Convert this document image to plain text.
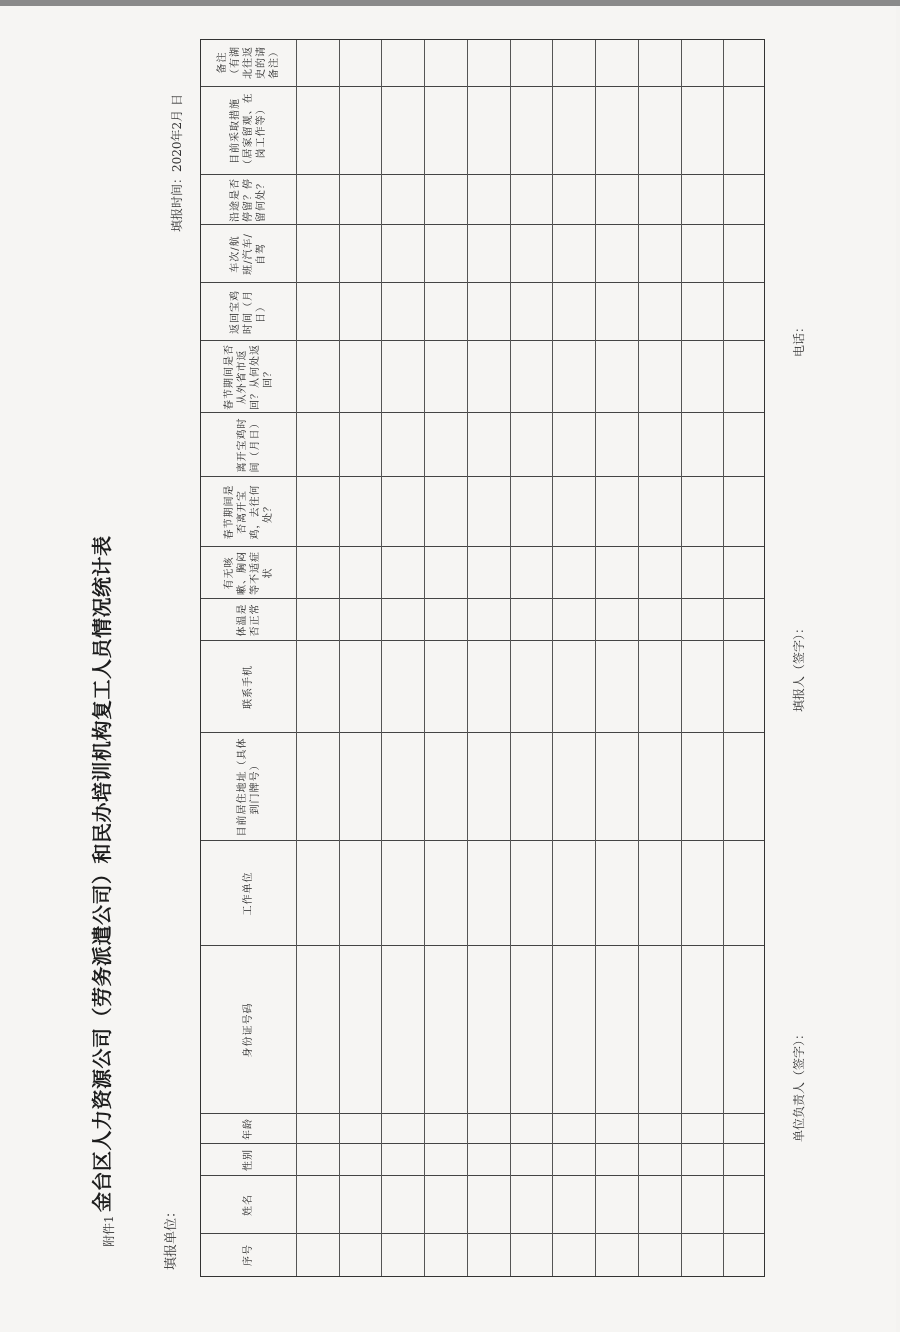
金台区人力资源公司（劳务派遣公司）和民办培训机构复工人员情况统计表
附件1	填报单位：
填报时间：2020年2月 日
序号
姓名
性别
年龄
身份证号码
工作单位
目前居住地址（具体到门牌号）
联系手机
体温是否正常
有无咳嗽、胸闷等不适症状
春节期间是否离开宝鸡，去往何处？
离开宝鸡时间（月日）
春节期间是否从外省市返回？从何处返回？
返回宝鸡时间（月日）
车次/航班/汽车/自驾
沿途是否停留？停留何处？
目前采取措施（居家留观、在岗工作等）
备注（有湖北往返史的请备注）
单位负责人（签字）：
填报人（签字）：
电话：
